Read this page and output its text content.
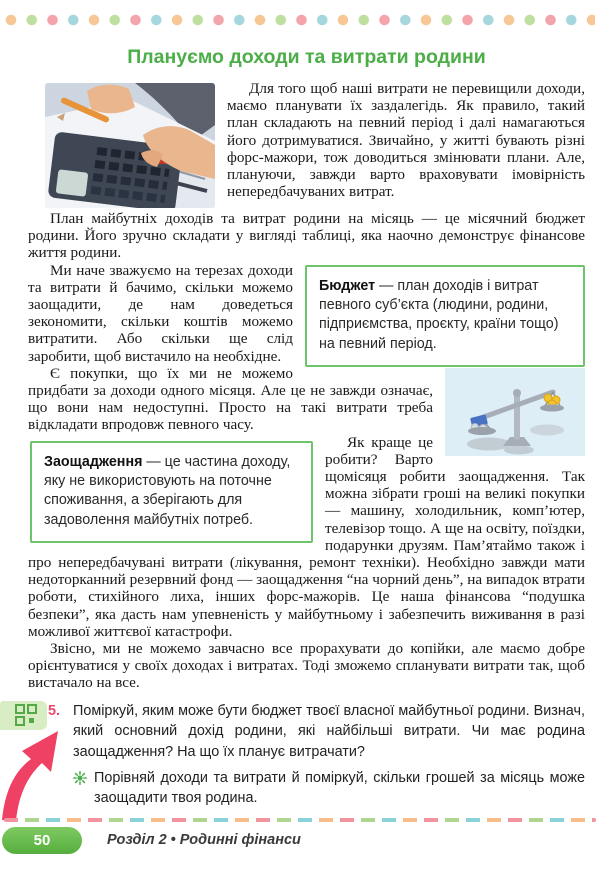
Плануємо доходи та витрати родини

Для того щоб наші витрати не перевищили доходи, маємо планувати їх заздалегідь. Як правило, такий план складають на певний період і далі намагаються його дотримуватися. Звичайно, у житті бувають різні форс-мажори, тож доводиться змінювати плани. Але, плануючи, завжди варто враховувати імовірність непередбачуваних витрат.

План майбутніх доходів та витрат родини на місяць — це місячний бюджет родини. Його зручно складати у вигляді таблиці, яка наочно демонструє фінансове життя родини.

Бюджет — план доходів і витрат певного суб’єкта (людини, родини, підприємства, проєкту, країни тощо) на певний період.

Ми наче зважуємо на терезах доходи та витрати й бачимо, скільки можемо заощадити, де нам доведеться зекономити, скільки коштів можемо витратити. Або скільки ще слід заробити, щоб вистачило на необхідне.

Є покупки, що їх ми не можемо придбати за доходи одного місяця. Але це не завжди означає, що вони нам недоступні. Просто на такі витрати треба відкладати впродовж певного часу.

Заощадження — це частина доходу, яку не використовують на поточне споживання, а зберігають для задоволення майбутніх потреб.

Як краще це робити? Варто щомісяця робити заощадження. Так можна зібрати гроші на великі покупки — машину, холодильник, комп’ютер, телевізор тощо. А ще на освіту, поїздки, подарунки друзям. Пам’ятаймо також і про непередбачувані витрати (лікування, ремонт техніки). Необхідно завжди мати недоторканний резервний фонд — заощадження “на чорний день”, на випадок втрати роботи, стихійного лиха, інших форс-мажорів. Це наша фінансова “подушка безпеки”, яка дасть нам упевненість у майбутньому і забезпечить виживання в разі можливої життєвої катастрофи.

Звісно, ми не можемо завчасно все прорахувати до копійки, але маємо добре орієнтуватися у своїх доходах і витратах. Тоді зможемо спланувати витрати так, щоб вистачало на все.

5. Поміркуй, яким може бути бюджет твоєї власної майбутньої родини. Визнач, який основний дохід родини, які найбільші витрати. Чи має родина заощадження? На що їх планує витрачати?
Порівняй доходи та витрати й поміркуй, скільки грошей за місяць може заощадити твоя родина.
50	Розділ 2 • Родинні фінанси
